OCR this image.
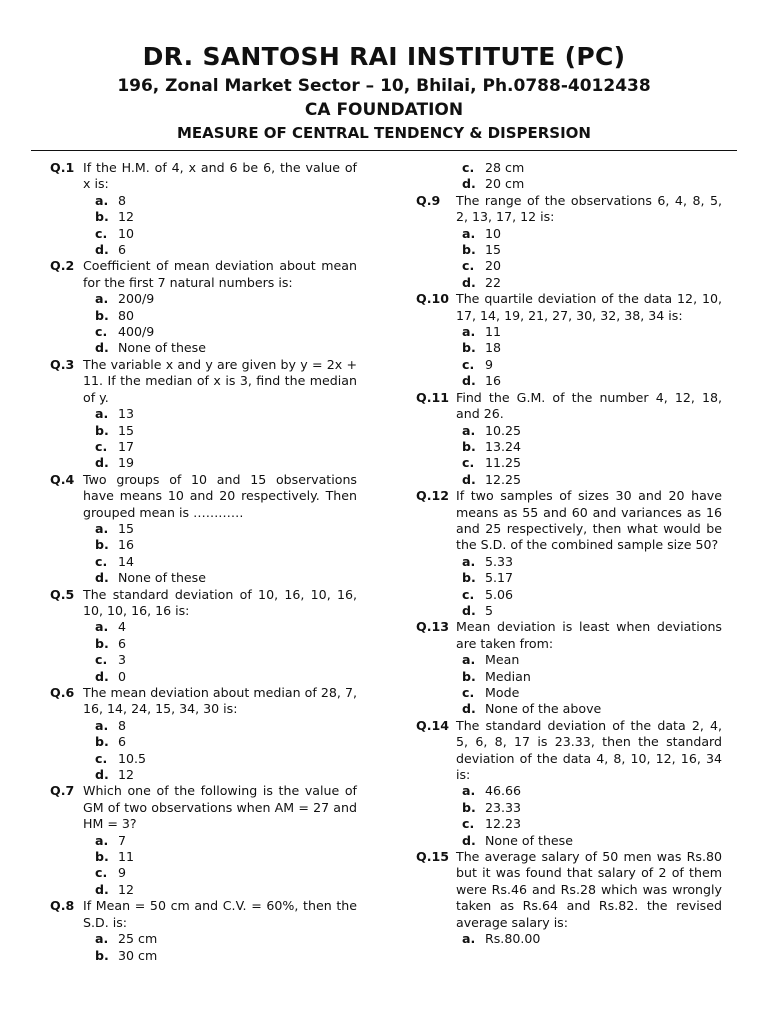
DR. SANTOSH RAI INSTITUTE (PC)
196, Zonal Market Sector – 10, Bhilai, Ph.0788-4012438
CA FOUNDATION
MEASURE OF CENTRAL TENDENCY & DISPERSION
Q.1 If the H.M. of 4, x and 6 be 6, the value of x is:
a. 8
b. 12
c. 10
d. 6
Q.2 Coefficient of mean deviation about mean for the first 7 natural numbers is:
a. 200/9
b. 80
c. 400/9
d. None of these
Q.3 The variable x and y are given by y = 2x + 11. If the median of x is 3, find the median of y.
a. 13
b. 15
c. 17
d. 19
Q.4 Two groups of 10 and 15 observations have means 10 and 20 respectively. Then grouped mean is …………
a. 15
b. 16
c. 14
d. None of these
Q.5 The standard deviation of 10, 16, 10, 16, 10, 10, 16, 16 is:
a. 4
b. 6
c. 3
d. 0
Q.6 The mean deviation about median of 28, 7, 16, 14, 24, 15, 34, 30 is:
a. 8
b. 6
c. 10.5
d. 12
Q.7 Which one of the following is the value of GM of two observations when AM = 27 and HM = 3?
a. 7
b. 11
c. 9
d. 12
Q.8 If Mean = 50 cm and C.V. = 60%, then the S.D. is:
a. 25 cm
b. 30 cm
c. 28 cm
d. 20 cm
Q.9	The range of the observations 6, 4, 8, 5, 2, 13, 17, 12 is:
a. 10
b. 15
c. 20
d. 22
Q.10 The quartile deviation of the data 12, 10, 17, 14, 19, 21, 27, 30, 32, 38, 34 is:
a. 11
b. 18
c. 9
d. 16
Q.11 Find the G.M. of the number 4, 12, 18, and 26.
a. 10.25
b. 13.24
c. 11.25
d. 12.25
Q.12 If two samples of sizes 30 and 20 have means as 55 and 60 and variances as 16 and 25 respectively, then what would be the S.D. of the combined sample size 50?
a. 5.33
b. 5.17
c. 5.06
d. 5
Q.13 Mean deviation is least when deviations are taken from:
a. Mean
b. Median
c. Mode
d. None of the above
Q.14 The standard deviation of the data 2, 4, 5, 6, 8, 17 is 23.33, then the standard deviation of the data 4, 8, 10, 12, 16, 34 is:
a. 46.66
b. 23.33
c. 12.23
d. None of these
Q.15 The average salary of 50 men was Rs.80 but it was found that salary of 2 of them were Rs.46 and Rs.28 which was wrongly taken as Rs.64 and Rs.82. the revised average salary is:
a. Rs.80.00
